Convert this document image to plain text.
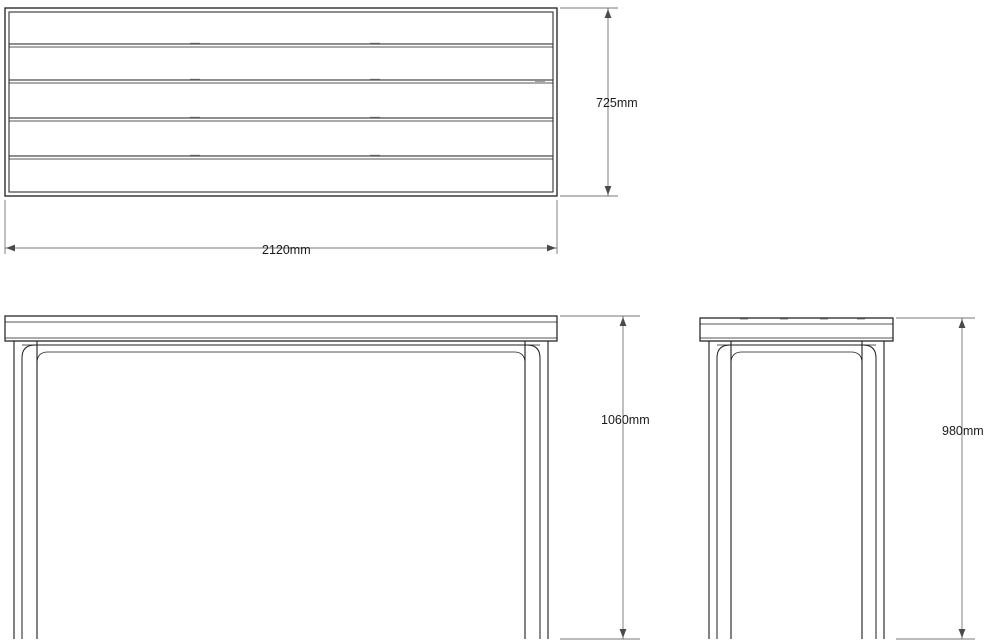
725mm
2120mm
1060mm
980mm
